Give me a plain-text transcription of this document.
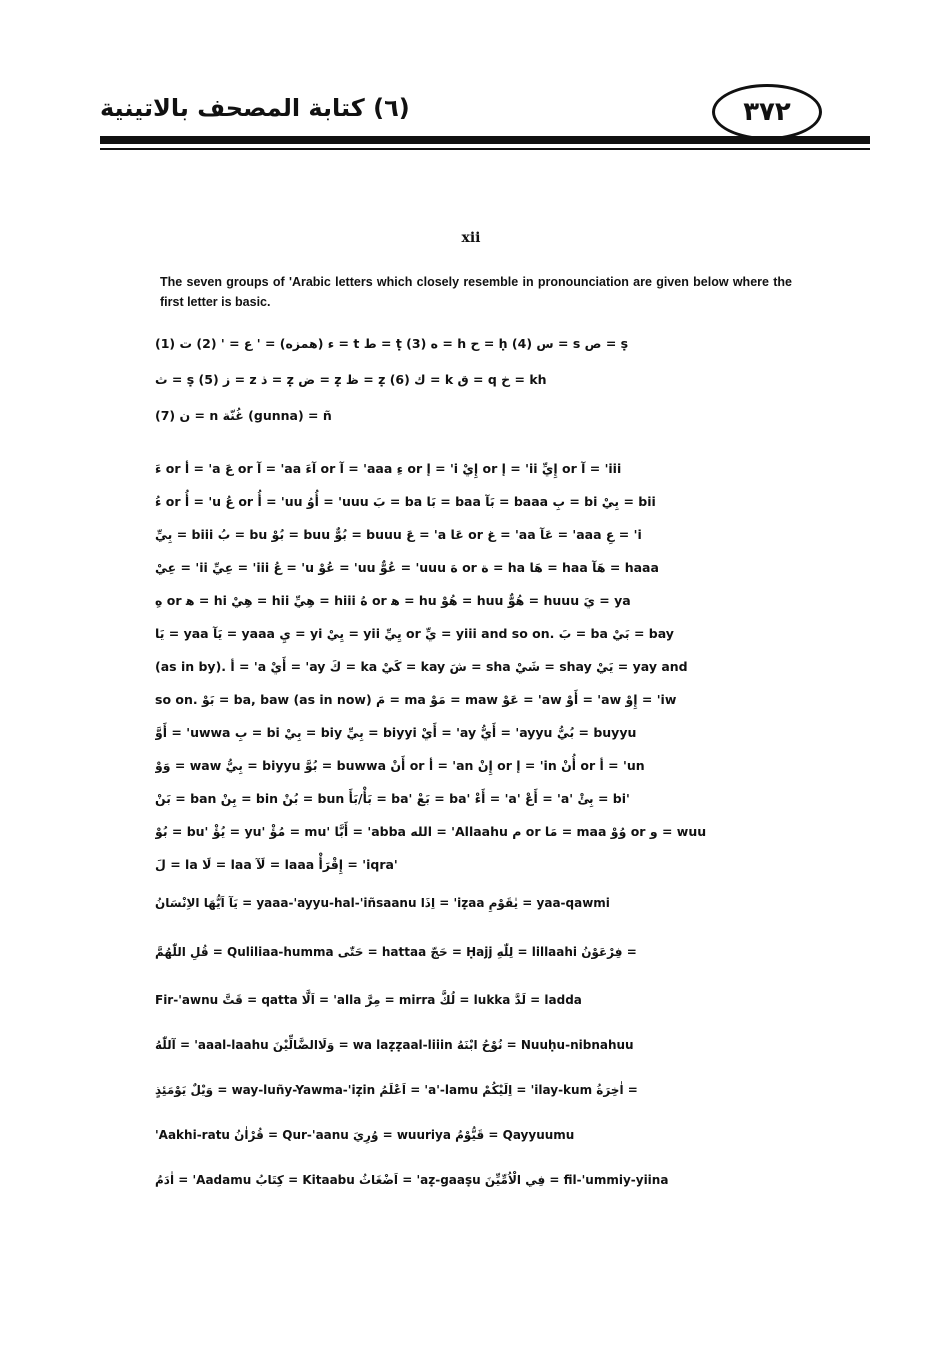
(٦) كتابة المصحف بالاتينية	٣٧٢
xii
The seven groups of 'Arabic letters which closely resemble in pronounciation are given below where the first letter is basic.
(1) ء (همزه) = ' ع = ' (2) ت = t ط = ṭ (3) ه = h ح = ḥ (4) س = s ص = ṣ
ث = ṣ (5) ز = z ذ = ẓ ض = ẓ ظ = ẓ (6) ك = k ق = q خ = kh
(7) ن = n غُنّة (gunna) = ñ
ءَ or أ = 'a عَ or آ = 'aa آءَ or آ = 'aaa ءِ or إ = 'i إِيْ or إ = 'ii إِيِّ or آ = 'iii
ءُ or أُ = 'u عُ or أُ = 'uu أُوُ = 'uuu بَ = ba بَا = baa بَآ = baaa بِ = bi بِيْ = bii
بِيِّ = biii بُ = bu بُوْ = buu بُوٌّ = buuu عَ = 'a عَا or غ = 'aa عَآ = 'aaa عِ = 'i
عِيْ = 'ii عِيِّ = 'iii عُ = 'u عُوْ = 'uu عُوٌّ = 'uuu هَ or ة = ha هَا = haa هَآ = haaa
هِ or ﻫ = hi هِيْ = hii هِيِّ = hiii هُ or ﻫ = hu هُوْ = huu هُوٌّ = huuu يَ = ya
يَا = yaa يَآ = yaaa يِ = yi يِيْ = yii يِيِّ or يِّ = yiii and so on. بَ = ba بَيْ = bay
(as in by). أ = 'a أَيْ = 'ay كَ = ka كَيْ = kay شَ = sha شَيْ = shay يَيْ = yay and
so on. بَوْ = ba, baw (as in now) مَ = ma مَوْ = maw عَوْ = 'aw أَوْ = 'aw إِوْ = 'iw
أَوَّ = 'uwwa بِ = bi بِيْ = biy بِيِّ = biyyi أَيْ = 'ay أَيُّ = 'ayyu بُيُّ = buyyu
وَوْ = waw بِيُّ = biyyu بُوَّ = buwwa أَنْ or أ = 'an إِنْ or إ = 'in أُنْ or أ = 'un
بَنْ = ban بِنْ = bin بُنْ = bun بَأْ/بَأَ = ba' بَعْ = ba' أَءْ = 'a' أَعْ = 'a' بِئْ = bi'
بُوْ = bu' يُؤْ = yu' مُؤْ = mu' أَبَّا = 'abba الله = 'Allaahu م or مَا = maa وُوْ or و = wuu
لَ = la لَا = laa لَآ = laaa إِقْرَأْ = 'iqra'
يَآ اَيُّهَا الاِنْسَانُ = yaaa-'ayyu-hal-'iñsaanu اِذَا = 'iẓaa يٰقَوْمِ = yaa-qawmi
قُلِ اللّٰهُمَّ = Quliliaa-humma حَتّٰى = hattaa حَجّ = Ḥajj لِلّٰهِ = lillaahi فِرْعَوْنُ =
Fir-'awnu قَتَّ = qatta اَلَّا = 'alla مِرَّ = mirra لُكَّ = lukka لَدَّ = ladda
آللّٰهُ = 'aaal-laahu وَلَاالضَّالِّيْنَ = wa laẓẓaal-liiin نُوْحُ ابْنَهُ = Nuuḥu-nibnahuu
وَيْلٌ يَوْمَئِذٍ = way-luñy-Yawma-'iẓin اَعْلَمُ = 'a'-lamu اِلَيْكُمْ = 'ilay-kum اٰخِرَةُ =
'Aakhi-ratu قُرْاٰنُ = Qur-'aanu وُرِيَ = wuuriya قَيُّوْمُ = Qayyuumu
اٰدَمُ = 'Aadamu كِتَابُ = Kitaabu اَضْغَاثُ = 'aẓ-gaaṣu فِي الْاُمِّيِّنَ = fil-'ummiy-yiina
